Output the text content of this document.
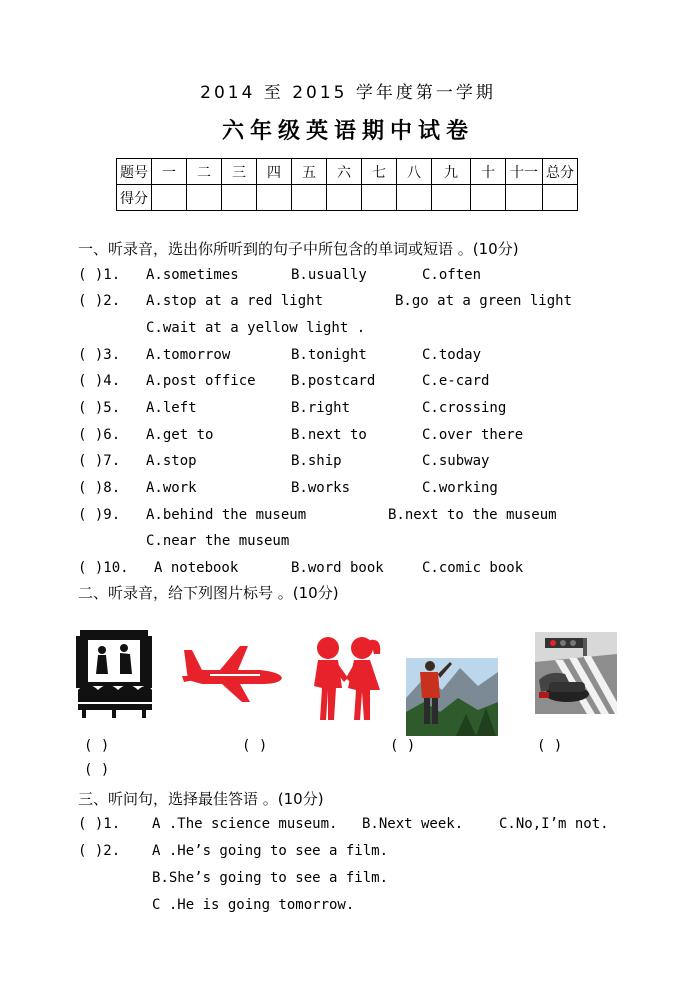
2014 至 2015 学年度第一学期
六年级英语期中试卷
题号	一	二	三	四	五	六	七	八	九	十	十一	总分
得分												
一、听录音，选出你所听到的句子中所包含的单词或短语 。(10分)
( )1. A.sometimes	B.usually	C.often
( )2. A.stop at a red light	B.go at a green light
C.wait at a yellow light .
( )3. A.tomorrow	B.tonight	C.today
( )4. A.post office	B.postcard	C.e-card
( )5. A.left	B.right	C.crossing
( )6. A.get to	B.next to	C.over there
( )7. A.stop	B.ship	C.subway
( )8. A.work	B.works	C.working
( )9. A.behind the museum	B.next to the museum
C.near the museum
( )10. A notebook	B.word book	C.comic book
二、听录音，给下列图片标号 。(10分)
( )	( )	( )	( )
( )
三、听问句，选择最佳答语 。(10分)
( )1. A .The science museum. B.Next week.	C.No,I’m not.
( )2. A .He’s going to see a film.
B.She’s going to see a film.
C .He is going tomorrow.
